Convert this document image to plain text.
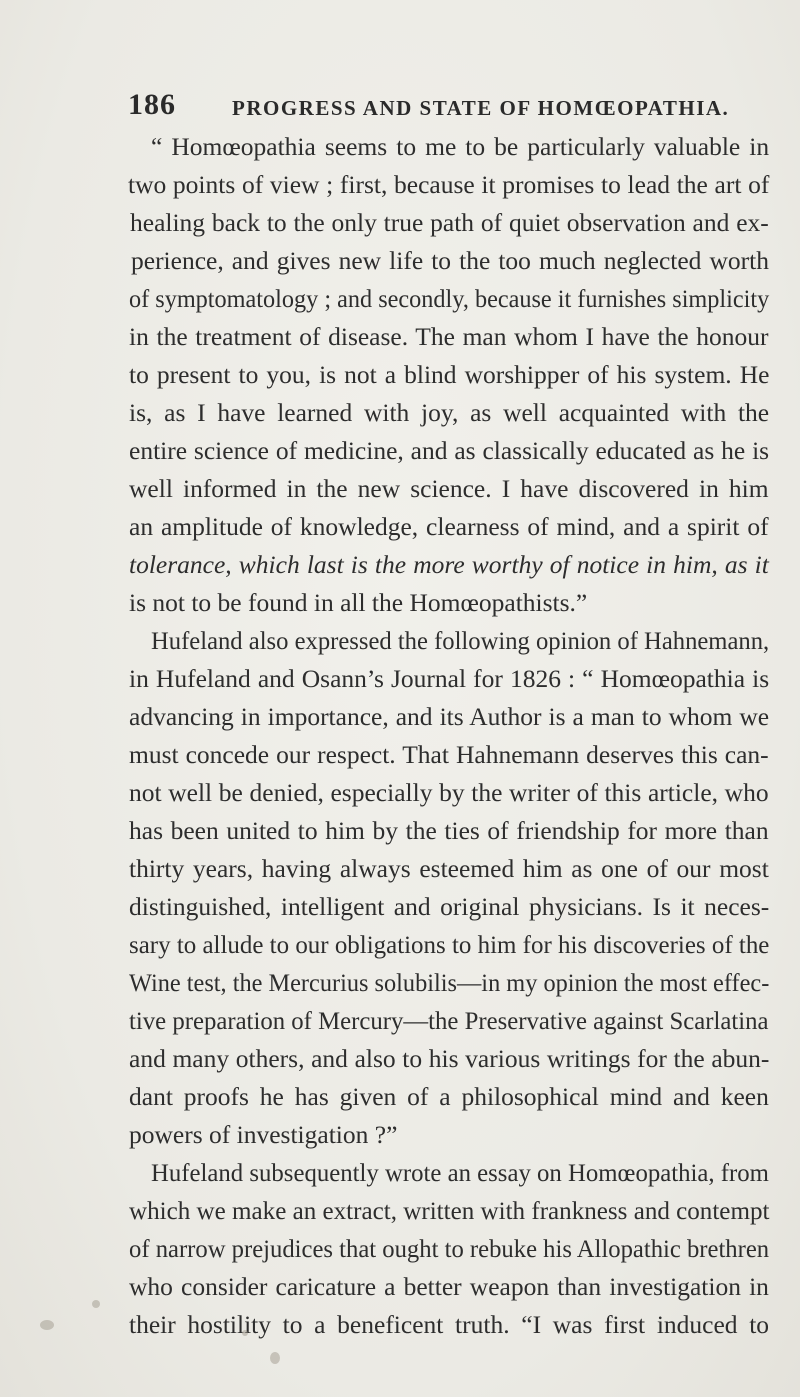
186	PROGRESS AND STATE OF HOMŒOPATHIA.
“ Homœopathia seems to me to be particularly valuable in
two points of view ; first, because it promises to lead the art of
healing back to the only true path of quiet observation and ex-
perience, and gives new life to the too much neglected worth
of symptomatology ; and secondly, because it furnishes simplicity
in the treatment of disease. The man whom I have the honour
to present to you, is not a blind worshipper of his system. He
is, as I have learned with joy, as well acquainted with the
entire science of medicine, and as classically educated as he is
well informed in the new science. I have discovered in him
an amplitude of knowledge, clearness of mind, and a spirit of
tolerance, which last is the more worthy of notice in him, as it
is not to be found in all the Homœopathists.”
Hufeland also expressed the following opinion of Hahnemann,
in Hufeland and Osann’s Journal for 1826 : “ Homœopathia is
advancing in importance, and its Author is a man to whom we
must concede our respect. That Hahnemann deserves this can-
not well be denied, especially by the writer of this article, who
has been united to him by the ties of friendship for more than
thirty years, having always esteemed him as one of our most
distinguished, intelligent and original physicians. Is it neces-
sary to allude to our obligations to him for his discoveries of the
Wine test, the Mercurius solubilis—in my opinion the most effec-
tive preparation of Mercury—the Preservative against Scarlatina
and many others, and also to his various writings for the abun-
dant proofs he has given of a philosophical mind and keen
powers of investigation ?”
Hufeland subsequently wrote an essay on Homœopathia, from
which we make an extract, written with frankness and contempt
of narrow prejudices that ought to rebuke his Allopathic brethren
who consider caricature a better weapon than investigation in
their hostility to a beneficent truth. “I was first induced to
